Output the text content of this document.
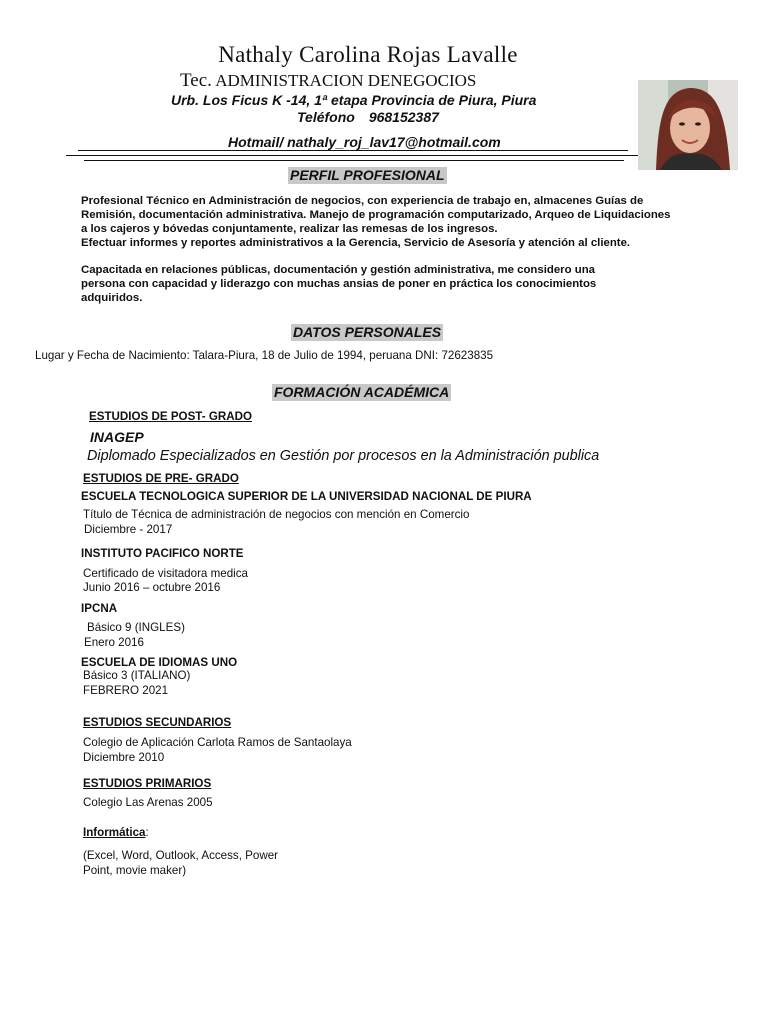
Nathaly Carolina Rojas Lavalle
Tec. ADMINISTRACION DENEGOCIOS
Urb. Los Ficus K -14, 1ª etapa Provincia de Piura, Piura
Teléfono 968152387
Hotmail/ nathaly_roj_lav17@hotmail.com
PERFIL PROFESIONAL
Profesional Técnico en Administración de negocios, con experiencia de trabajo en, almacenes Guías de
Remisión, documentación administrativa. Manejo de programación computarizado, Arqueo de Liquidaciones
a los cajeros y bóvedas conjuntamente, realizar las remesas de los ingresos.
Efectuar informes y reportes administrativos a la Gerencia, Servicio de Asesoría y atención al cliente.
Capacitada en relaciones públicas, documentación y gestión administrativa, me considero una
persona con capacidad y liderazgo con muchas ansias de poner en práctica los conocimientos
adquiridos.
DATOS PERSONALES
Lugar y Fecha de Nacimiento: Talara-Piura, 18 de Julio de 1994, peruana DNI: 72623835
FORMACIÓN ACADÉMICA
ESTUDIOS DE POST- GRADO
INAGEP
Diplomado Especializados en Gestión por procesos en la Administración publica
ESTUDIOS DE PRE- GRADO
ESCUELA TECNOLOGICA SUPERIOR DE LA UNIVERSIDAD NACIONAL DE PIURA
Título de Técnica de administración de negocios con mención en Comercio
Diciembre - 2017
INSTITUTO PACIFICO NORTE
Certificado de visitadora medica
Junio 2016 – octubre 2016
IPCNA
Básico 9 (INGLES)
Enero 2016
ESCUELA DE IDIOMAS UNO
Básico 3 (ITALIANO)
FEBRERO 2021
ESTUDIOS SECUNDARIOS
Colegio de Aplicación Carlota Ramos de Santaolaya
Diciembre 2010
ESTUDIOS PRIMARIOS
Colegio Las Arenas 2005
Informática:
(Excel, Word, Outlook, Access, Power
Point, movie maker)
